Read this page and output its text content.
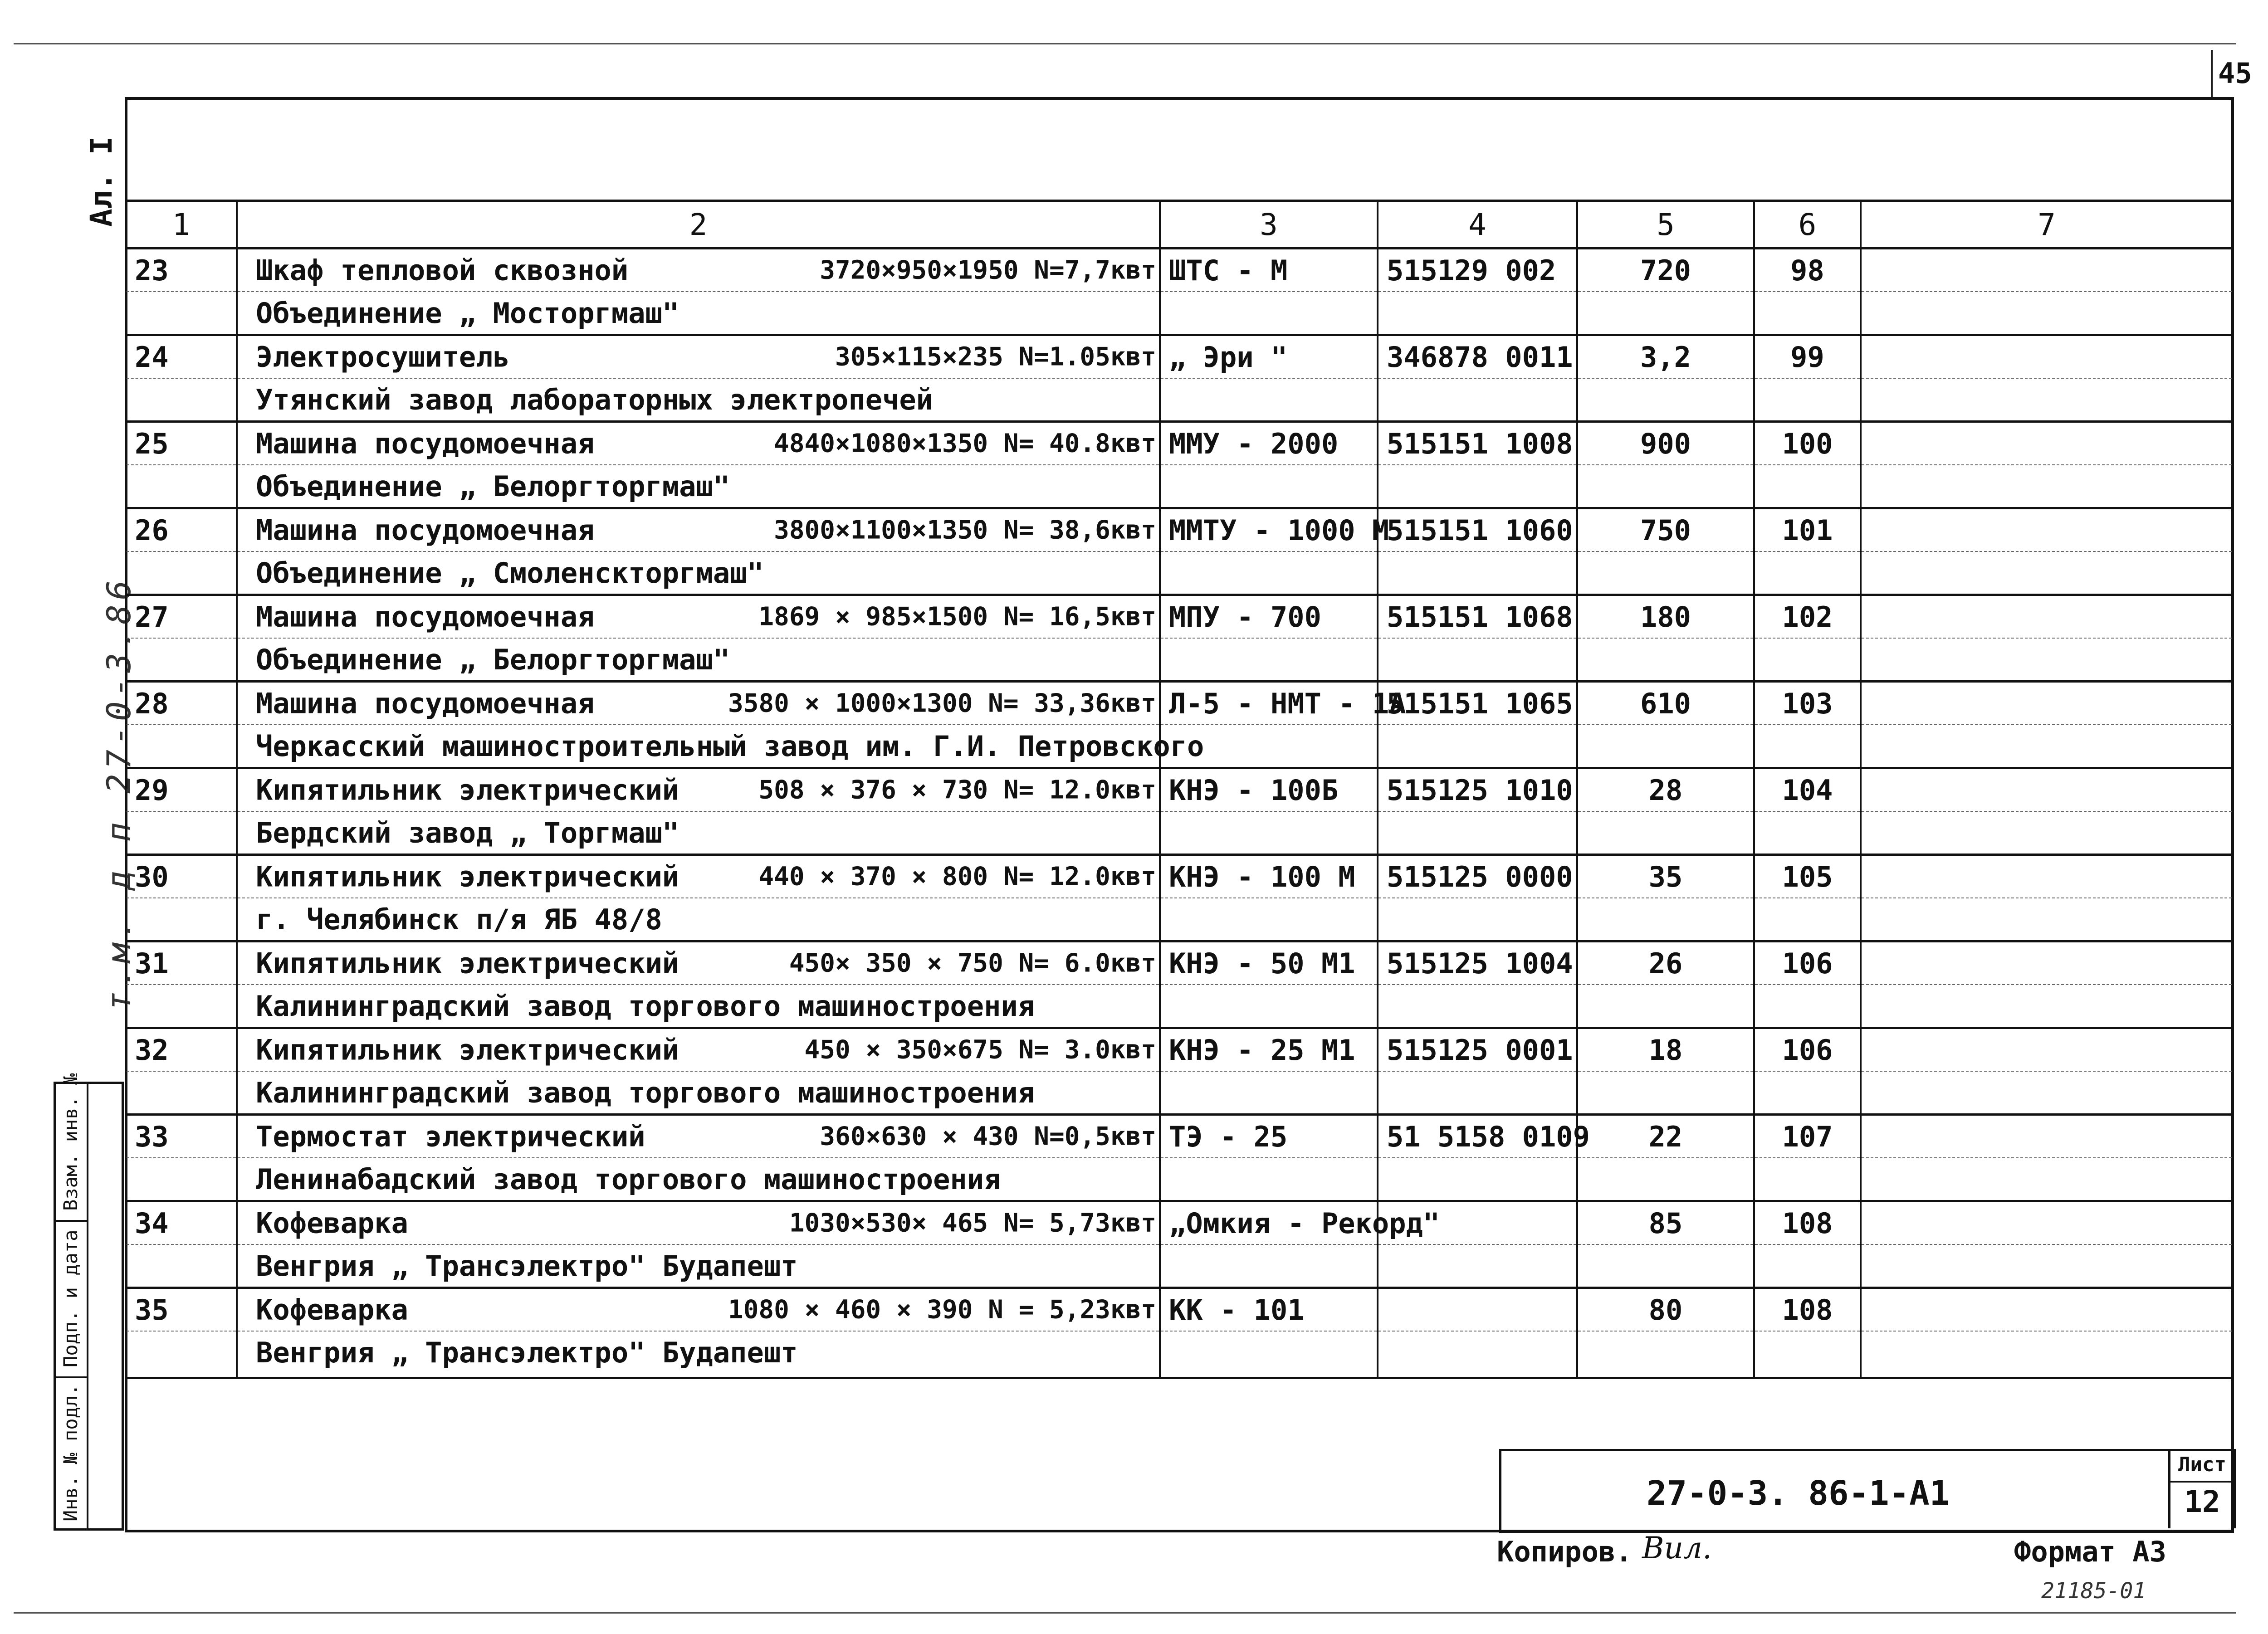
45
Ал. I
т.м. д п 27-0-3.86
Взам. инв. №
Подп. и дата
Инв. № подл.
1	2	3	4	5	6	7
23	Шкаф тепловой сквозной 3720×950×1950 N=7,7квт	ШТС - М	515129 002	720	98	
	Объединение „ Мосторгмаш"					
24	Электросушитель 305×115×235 N=1.05квт	„ Эри "	346878 0011	3,2	99	
	Утянский завод лабораторных электропечей					
25	Машина посудомоечная 4840×1080×1350 N= 40.8квт	ММУ - 2000	515151 1008	900	100	
	Объединение „ Белоргторгмаш"					
26	Машина посудомоечная 3800×1100×1350 N= 38,6квт	ММТУ - 1000 М	515151 1060	750	101	
	Объединение „ Смоленскторгмаш"					
27	Машина посудомоечная 1869 × 985×1500 N= 16,5квт	МПУ - 700	515151 1068	180	102	
	Объединение „ Белоргторгмаш"					
28	Машина посудомоечная 3580 × 1000×1300 N= 33,36квт	Л-5 - НМТ - 1А	515151 1065	610	103	
	Черкасский машиностроительный завод им. Г.И. Петровского					
29	Кипятильник электрический 508 × 376 × 730 N= 12.0квт	КНЭ - 100Б	515125 1010	28	104	
	Бердский завод „ Торгмаш"					
30	Кипятильник электрический 440 × 370 × 800 N= 12.0квт	КНЭ - 100 М	515125 0000	35	105	
	г. Челябинск п/я ЯБ 48/8					
31	Кипятильник электрический 450× 350 × 750 N= 6.0квт	КНЭ - 50 М1	515125 1004	26	106	
	Калининградский завод торгового машиностроения					
32	Кипятильник электрический 450 × 350×675 N= 3.0квт	КНЭ - 25 М1	515125 0001	18	106	
	Калининградский завод торгового машиностроения					
33	Термостат электрический 360×630 × 430 N=0,5квт	ТЭ - 25	51 5158 0109	22	107	
	Ленинабадский завод торгового машиностроения					
34	Кофеварка 1030×530× 465 N= 5,73квт	„Омкия - Рекорд"		85	108	
	Венгрия „ Трансэлектро" Будапешт					
35	Кофеварка 1080 × 460 × 390 N = 5,23квт	КК - 101		80	108	
	Венгрия „ Трансэлектро" Будапешт					

27-0-3. 86-1-А1
Лист
12
Копиров. Вил.	Формат А3
21185-01
